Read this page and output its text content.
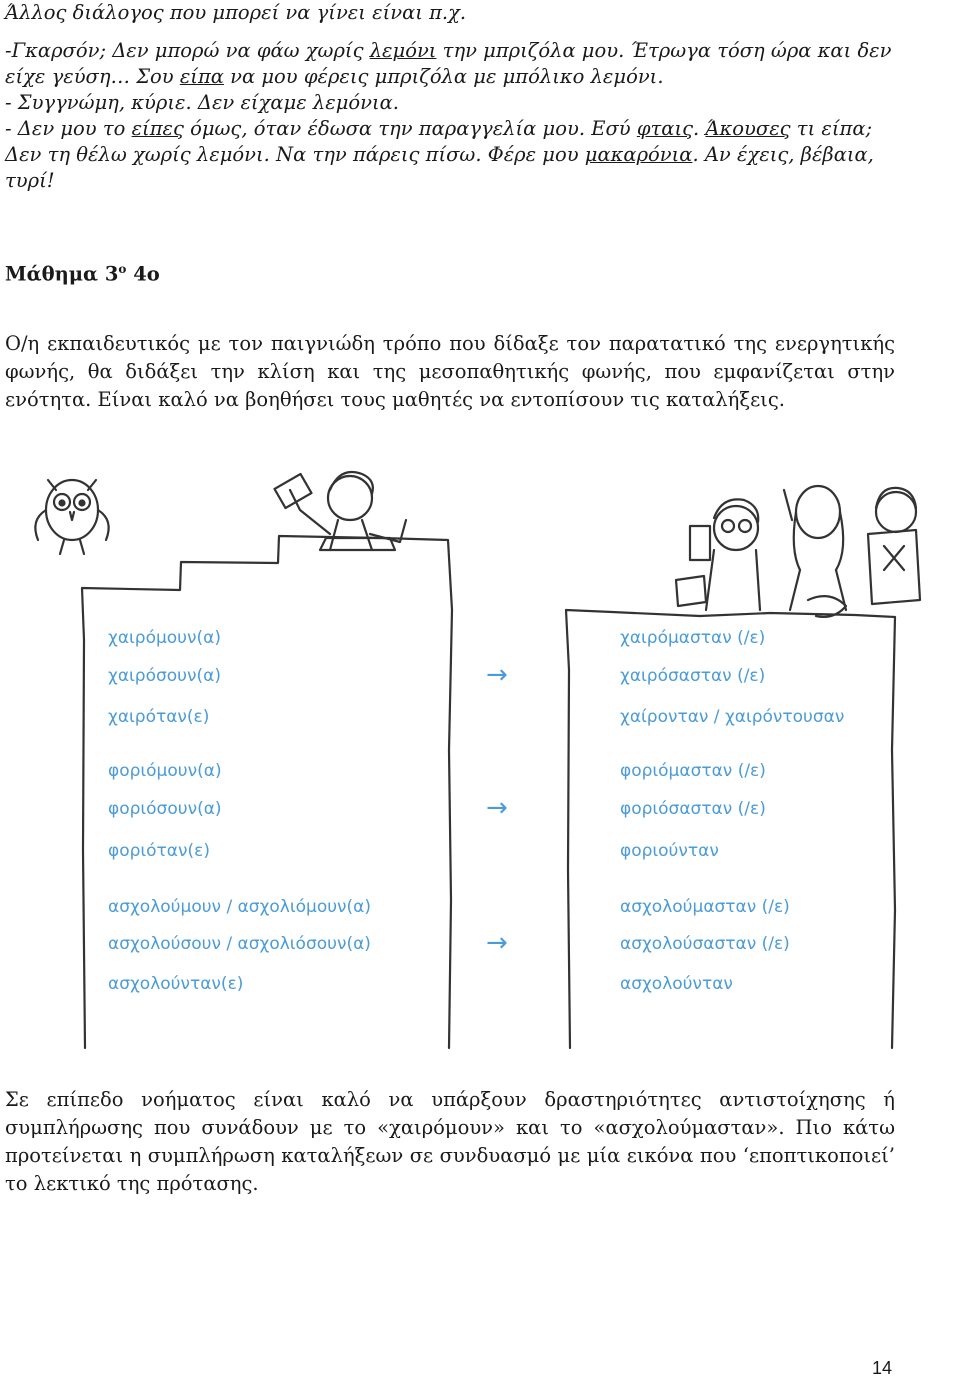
Άλλος διάλογος που μπορεί να γίνει είναι π.χ.

-Γκαρσόν; Δεν μπορώ να φάω χωρίς λεμόνι την μπριζόλα μου. Έτρωγα τόση ώρα και δεν

είχε γεύση… Σου είπα να μου φέρεις μπριζόλα με μπόλικο λεμόνι.

- Συγγνώμη, κύριε. Δεν είχαμε λεμόνια.

- Δεν μου το είπες όμως, όταν έδωσα την παραγγελία μου. Εσύ φταις. Άκουσες τι είπα;

Δεν τη θέλω χωρίς λεμόνι. Να την πάρεις πίσω. Φέρε μου μακαρόνια. Αν έχεις, βέβαια,

τυρί!

Μάθημα $3^o$ 4ο

Ο/η εκπαιδευτικός με τον παιγνιώδη τρόπο που δίδαξε τον παρατατικό της ενεργητικής φωνής, θα διδάξει την κλίση και της μεσοπαθητικής φωνής, που εμφανίζεται στην ενότητα. Είναι καλό να βοηθήσει τους μαθητές να εντοπίσουν τις καταλήξεις.

χαιρόμουν(α)
χαιρόσουν(α)
χαιρόταν(ε)
φοριόμουν(α)
φοριόσουν(α)
φοριόταν(ε)
ασχολούμουν / ασχολιόμουν(α)
ασχολούσουν / ασχολιόσουν(α)
ασχολούνταν(ε)
→
→
→
χαιρόμασταν (/ε)
χαιρόσασταν (/ε)
χαίρονταν / χαιρόντουσαν
φοριόμασταν (/ε)
φοριόσασταν (/ε)
φοριούνταν
ασχολούμασταν (/ε)
ασχολούσασταν (/ε)
ασχολούνταν

Σε επίπεδο νοήματος είναι καλό να υπάρξουν δραστηριότητες αντιστοίχησης ή συμπλήρωσης που συνάδουν με το «χαιρόμουν» και το «ασχολούμασταν». Πιο κάτω προτείνεται η συμπλήρωση καταλήξεων σε συνδυασμό με μία εικόνα που ‘εποπτικοποιεί’ το λεκτικό της πρότασης.

14
